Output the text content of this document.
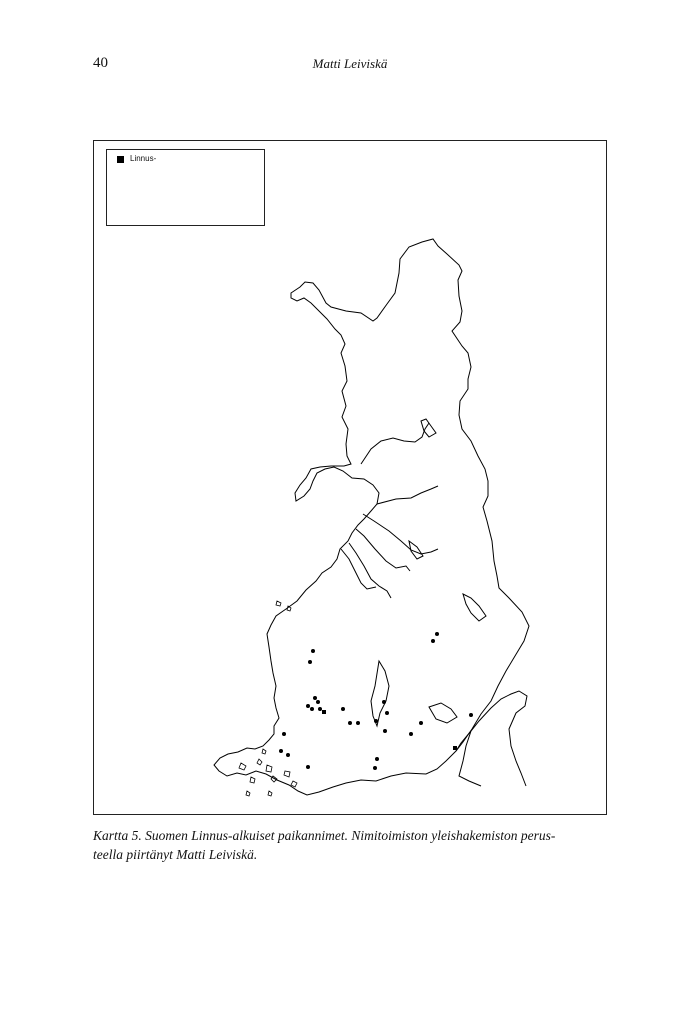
40	Matti Leiviskä
Linnus-
Kartta 5. Suomen Linnus-alkuiset paikannimet. Nimitoimiston yleishakemiston perus-
teella piirtänyt Matti Leiviskä.
